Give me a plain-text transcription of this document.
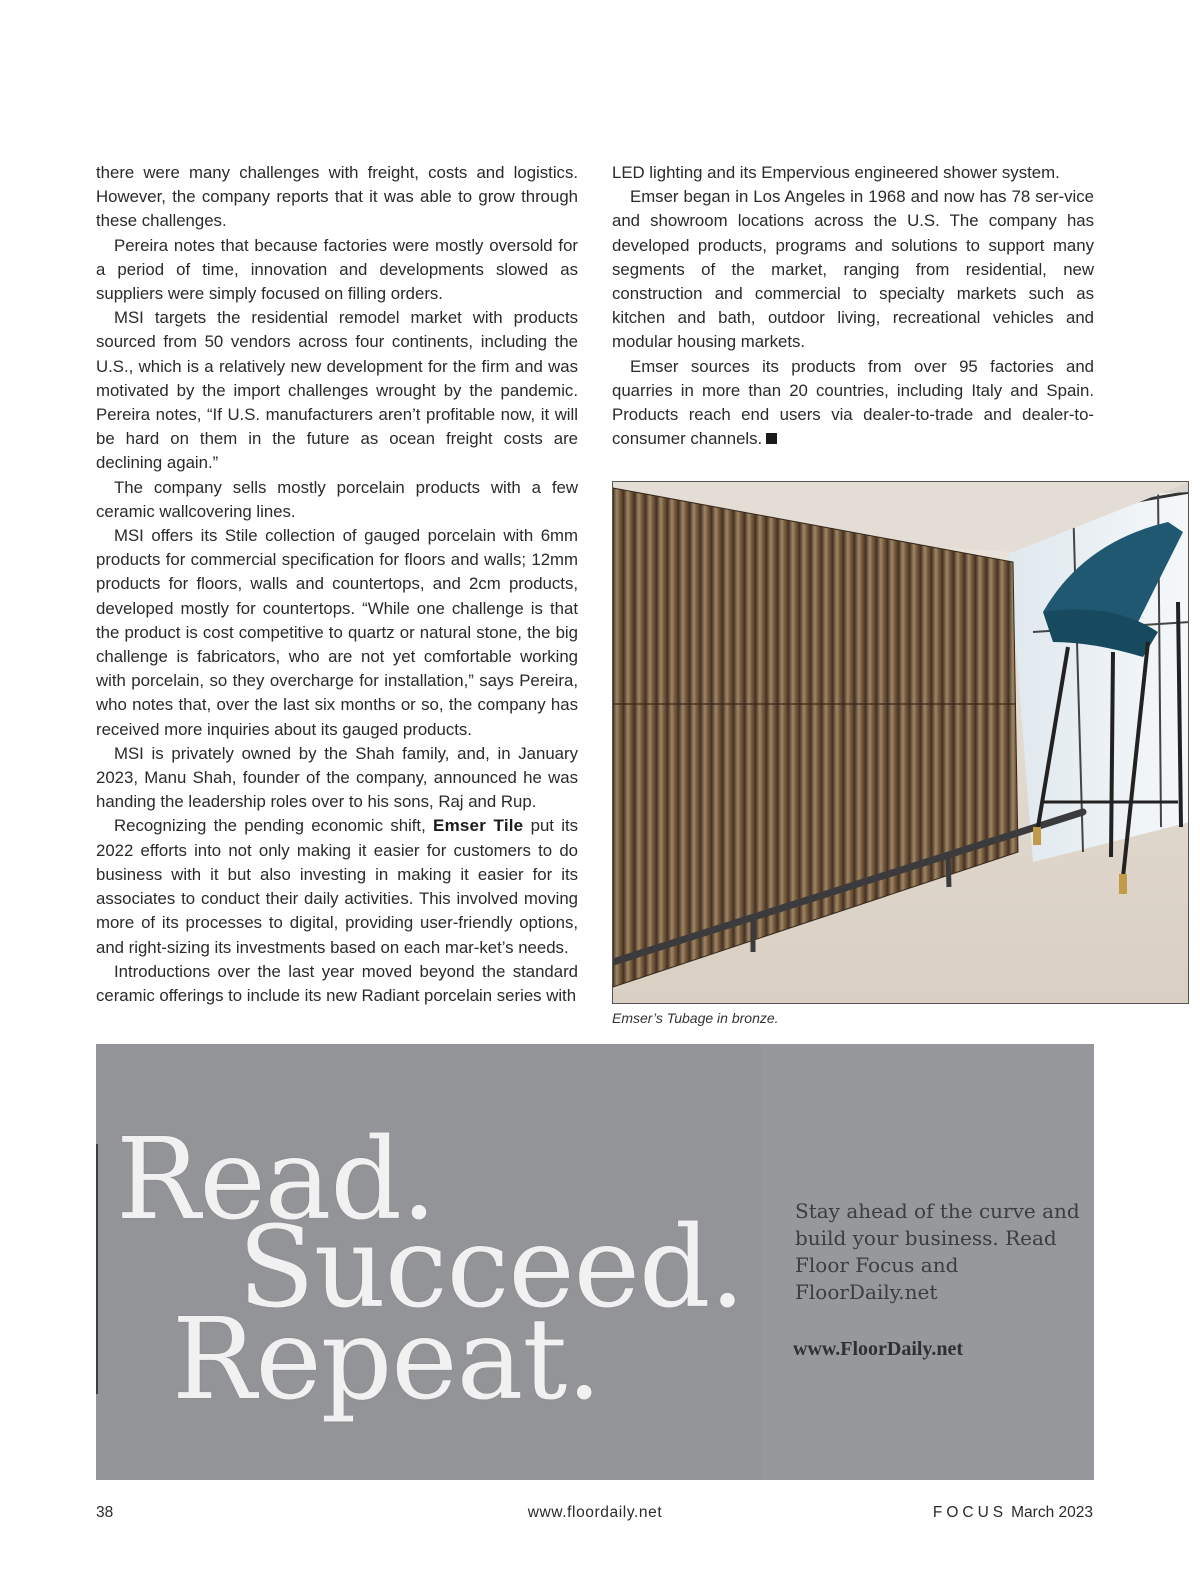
there were many challenges with freight, costs and logistics. However, the company reports that it was able to grow through these challenges.

Pereira notes that because factories were mostly oversold for a period of time, innovation and developments slowed as suppliers were simply focused on filling orders.

MSI targets the residential remodel market with products sourced from 50 vendors across four continents, including the U.S., which is a relatively new development for the firm and was motivated by the import challenges wrought by the pandemic. Pereira notes, “If U.S. manufacturers aren’t profitable now, it will be hard on them in the future as ocean freight costs are declining again.”

The company sells mostly porcelain products with a few ceramic wallcovering lines.

MSI offers its Stile collection of gauged porcelain with 6mm products for commercial specification for floors and walls; 12mm products for floors, walls and countertops, and 2cm products, developed mostly for countertops. “While one challenge is that the product is cost competitive to quartz or natural stone, the big challenge is fabricators, who are not yet comfortable working with porcelain, so they overcharge for installation,” says Pereira, who notes that, over the last six months or so, the company has received more inquiries about its gauged products.

MSI is privately owned by the Shah family, and, in January 2023, Manu Shah, founder of the company, announced he was handing the leadership roles over to his sons, Raj and Rup.

Recognizing the pending economic shift, Emser Tile put its 2022 efforts into not only making it easier for customers to do business with it but also investing in making it easier for its associates to conduct their daily activities. This involved moving more of its processes to digital, providing user-friendly options, and right-sizing its investments based on each mar-ket’s needs.

Introductions over the last year moved beyond the standard ceramic offerings to include its new Radiant porcelain series with

LED lighting and its Empervious engineered shower system.

Emser began in Los Angeles in 1968 and now has 78 ser-vice and showroom locations across the U.S. The company has developed products, programs and solutions to support many segments of the market, ranging from residential, new construction and commercial to specialty markets such as kitchen and bath, outdoor living, recreational vehicles and modular housing markets.

Emser sources its products from over 95 factories and quarries in more than 20 countries, including Italy and Spain. Products reach end users via dealer-to-trade and dealer-to-consumer channels.

Emser’s Tubage in bronze.
Read.
Succeed.
Repeat.
Stay ahead of the curve and build your business. Read Floor Focus and FloorDaily.net
www.FloorDaily.net
38	www.floordaily.net	FOCUS March 2023
